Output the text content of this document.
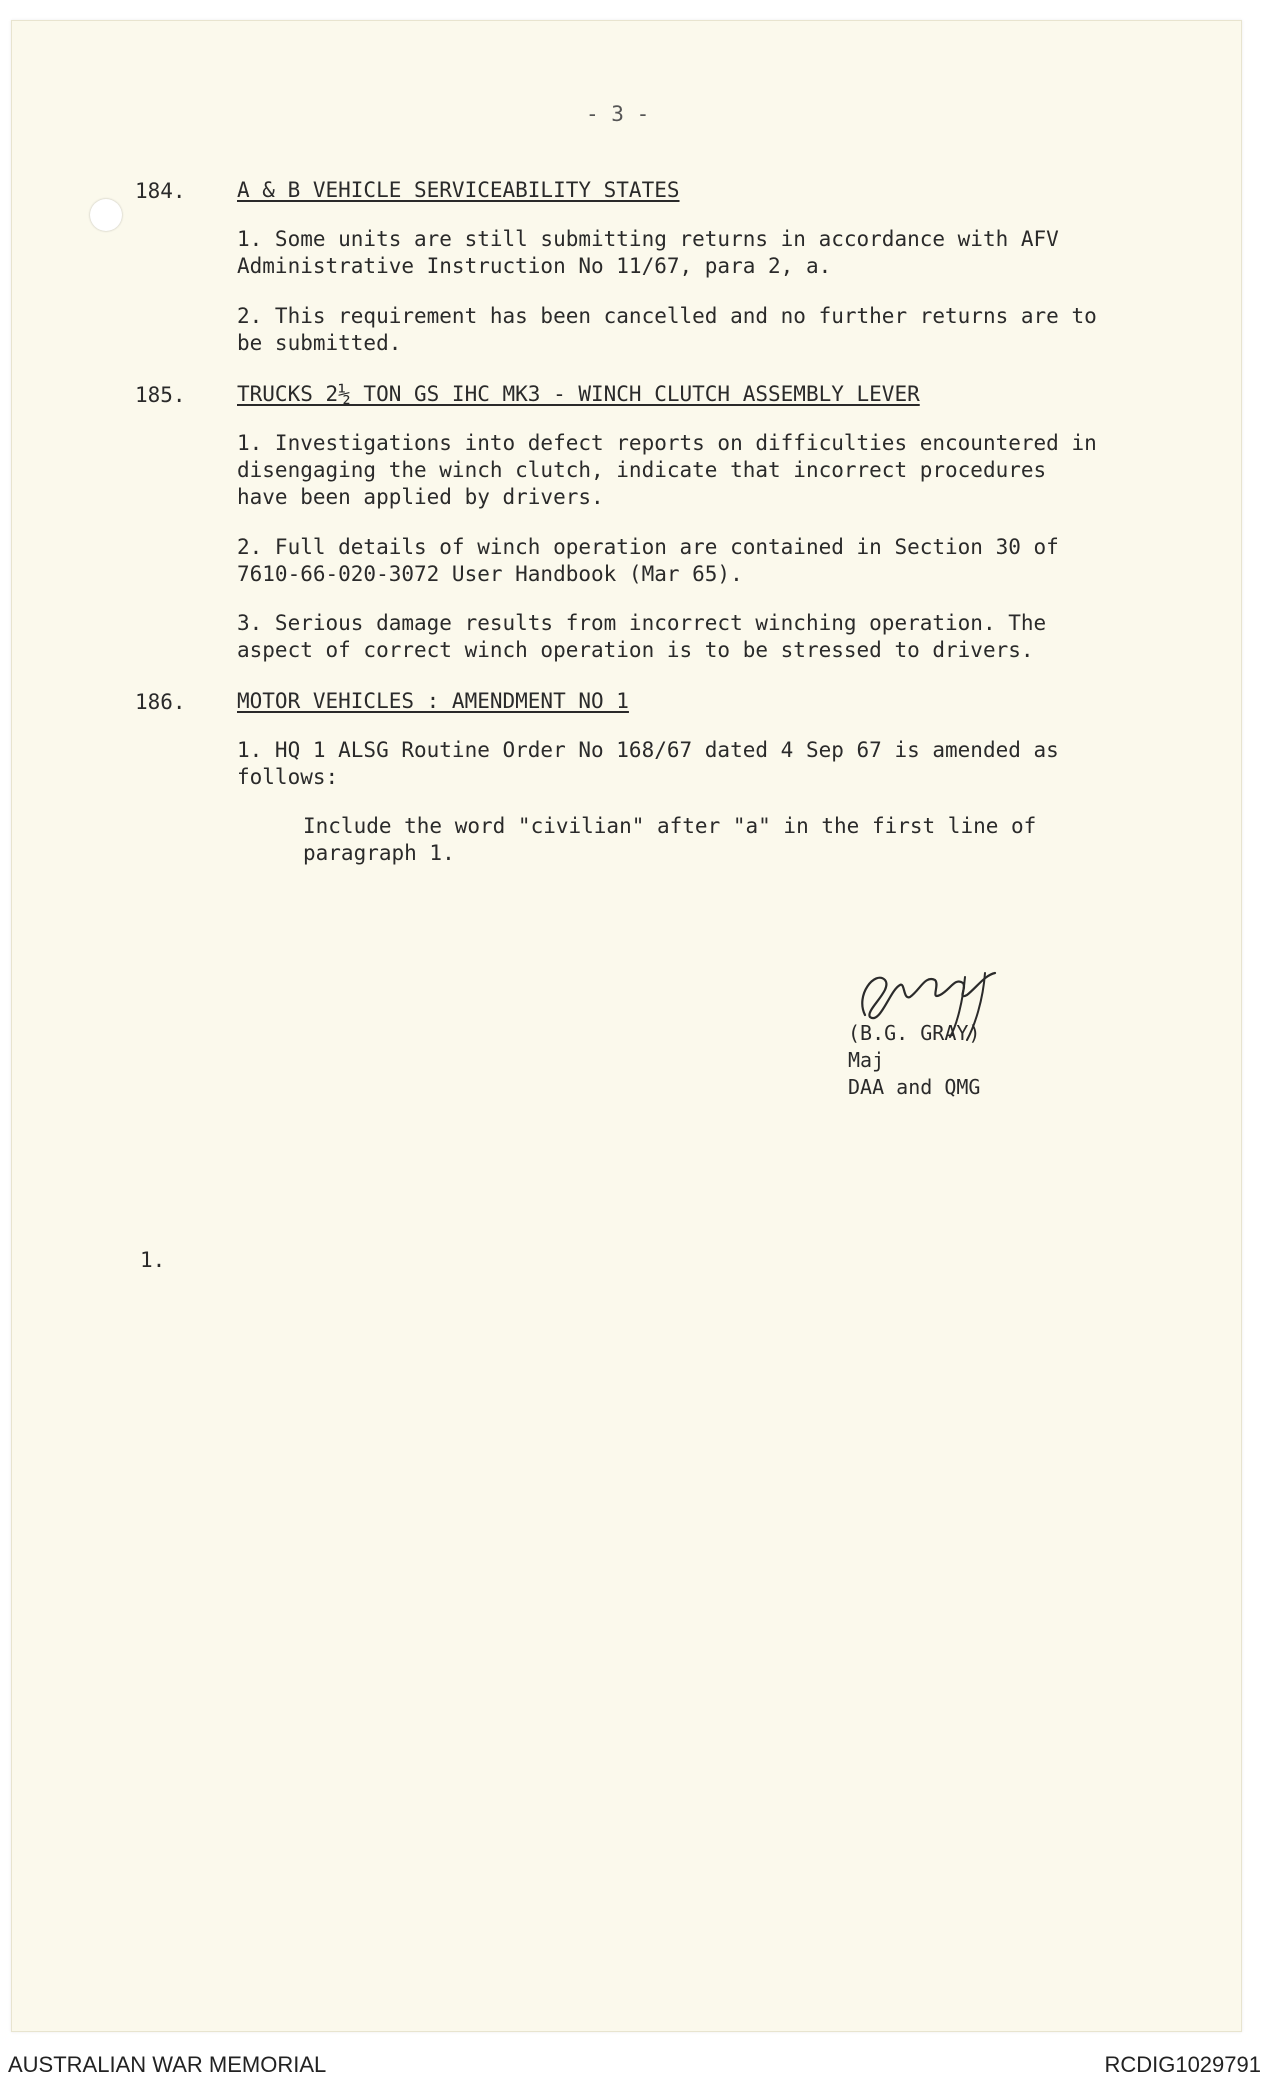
- 3 -
184. A & B VEHICLE SERVICEABILITY STATES
1. Some units are still submitting returns in accordance with AFV Administrative Instruction No 11/67, para 2, a.
2. This requirement has been cancelled and no further returns are to be submitted.
185. TRUCKS 2½ TON GS IHC MK3 - WINCH CLUTCH ASSEMBLY LEVER
1. Investigations into defect reports on difficulties encountered in disengaging the winch clutch, indicate that incorrect procedures have been applied by drivers.
2. Full details of winch operation are contained in Section 30 of 7610-66-020-3072 User Handbook (Mar 65).
3. Serious damage results from incorrect winching operation. The aspect of correct winch operation is to be stressed to drivers.
186. MOTOR VEHICLES : AMENDMENT NO 1
1. HQ 1 ALSG Routine Order No 168/67 dated 4 Sep 67 is amended as follows:
Include the word "civilian" after "a" in the first line of paragraph 1.
(B.G. GRAY)
Maj
DAA and QMG
1.
AUSTRALIAN WAR MEMORIAL	RCDIG1029791
